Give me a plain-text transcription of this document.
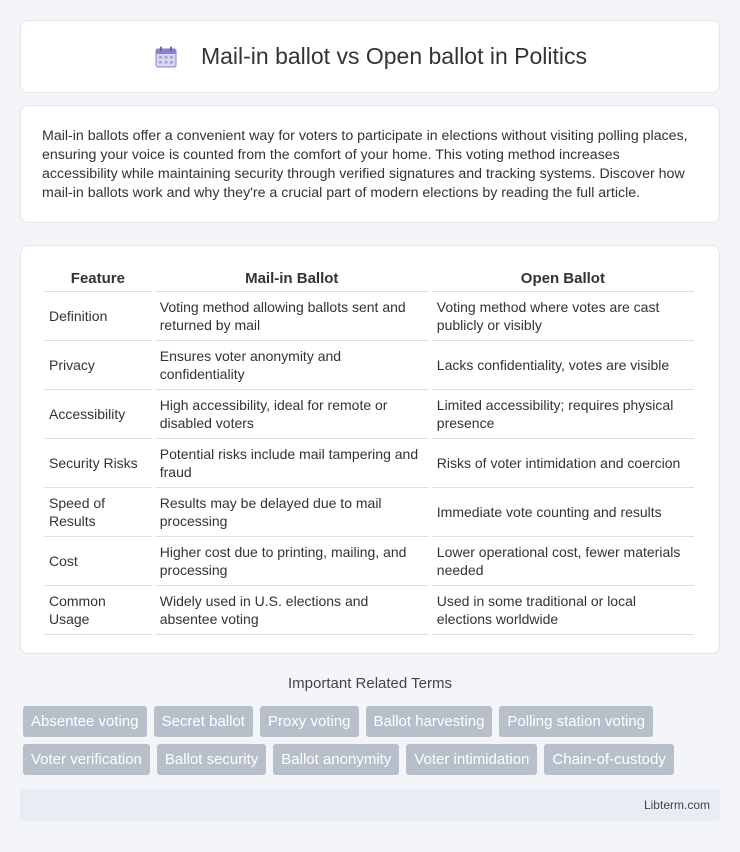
Mail-in ballot vs Open ballot in Politics

Mail-in ballots offer a convenient way for voters to participate in elections without visiting polling places, ensuring your voice is counted from the comfort of your home. This voting method increases accessibility while maintaining security through verified signatures and tracking systems. Discover how mail-in ballots work and why they're a crucial part of modern elections by reading the full article.

Feature	Mail-in Ballot	Open Ballot
Definition	Voting method allowing ballots sent and returned by mail	Voting method where votes are cast publicly or visibly
Privacy	Ensures voter anonymity and confidentiality	Lacks confidentiality, votes are visible
Accessibility	High accessibility, ideal for remote or disabled voters	Limited accessibility; requires physical presence
Security Risks	Potential risks include mail tampering and fraud	Risks of voter intimidation and coercion
Speed of Results	Results may be delayed due to mail processing	Immediate vote counting and results
Cost	Higher cost due to printing, mailing, and processing	Lower operational cost, fewer materials needed
Common Usage	Widely used in U.S. elections and absentee voting	Used in some traditional or local elections worldwide
Important Related Terms
Absentee voting	Secret ballot	Proxy voting	Ballot harvesting	Polling station voting
Voter verification	Ballot security	Ballot anonymity	Voter intimidation	Chain-of-custody
Libterm.com
